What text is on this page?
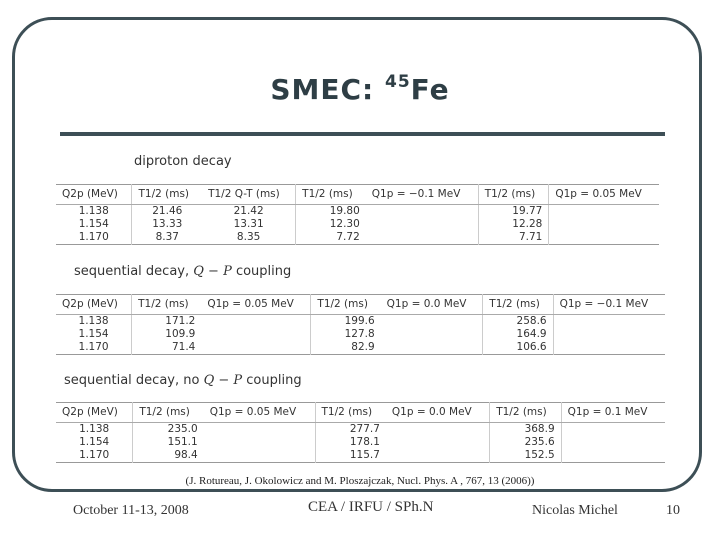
SMEC: $^{45}$Fe
diproton decay
Q2p (MeV)	T1/2 (ms)	T1/2 Q-T (ms)	T1/2 (ms)	Q1p = −0.1 MeV	T1/2 (ms)	Q1p = 0.05 MeV
1.138	21.46	21.42	19.80		19.77	
1.154	13.33	13.31	12.30		12.28	
1.170	8.37	8.35	7.72		7.71	
sequential decay, Q − P coupling
Q2p (MeV)	T1/2 (ms)	Q1p = 0.05 MeV	T1/2 (ms)	Q1p = 0.0 MeV	T1/2 (ms)	Q1p = −0.1 MeV
1.138	171.2		199.6		258.6	
1.154	109.9		127.8		164.9	
1.170	71.4		82.9		106.6	
sequential decay, no Q − P coupling
Q2p (MeV)	T1/2 (ms)	Q1p = 0.05 MeV	T1/2 (ms)	Q1p = 0.0 MeV	T1/2 (ms)	Q1p = 0.1 MeV
1.138	235.0		277.7		368.9	
1.154	151.1		178.1		235.6	
1.170	98.4		115.7		152.5	
(J. Rotureau, J. Okolowicz and M. Ploszajczak, Nucl. Phys. A , 767, 13 (2006))
October 11-13, 2008	CEA / IRFU / SPh.N	Nicolas Michel	10
